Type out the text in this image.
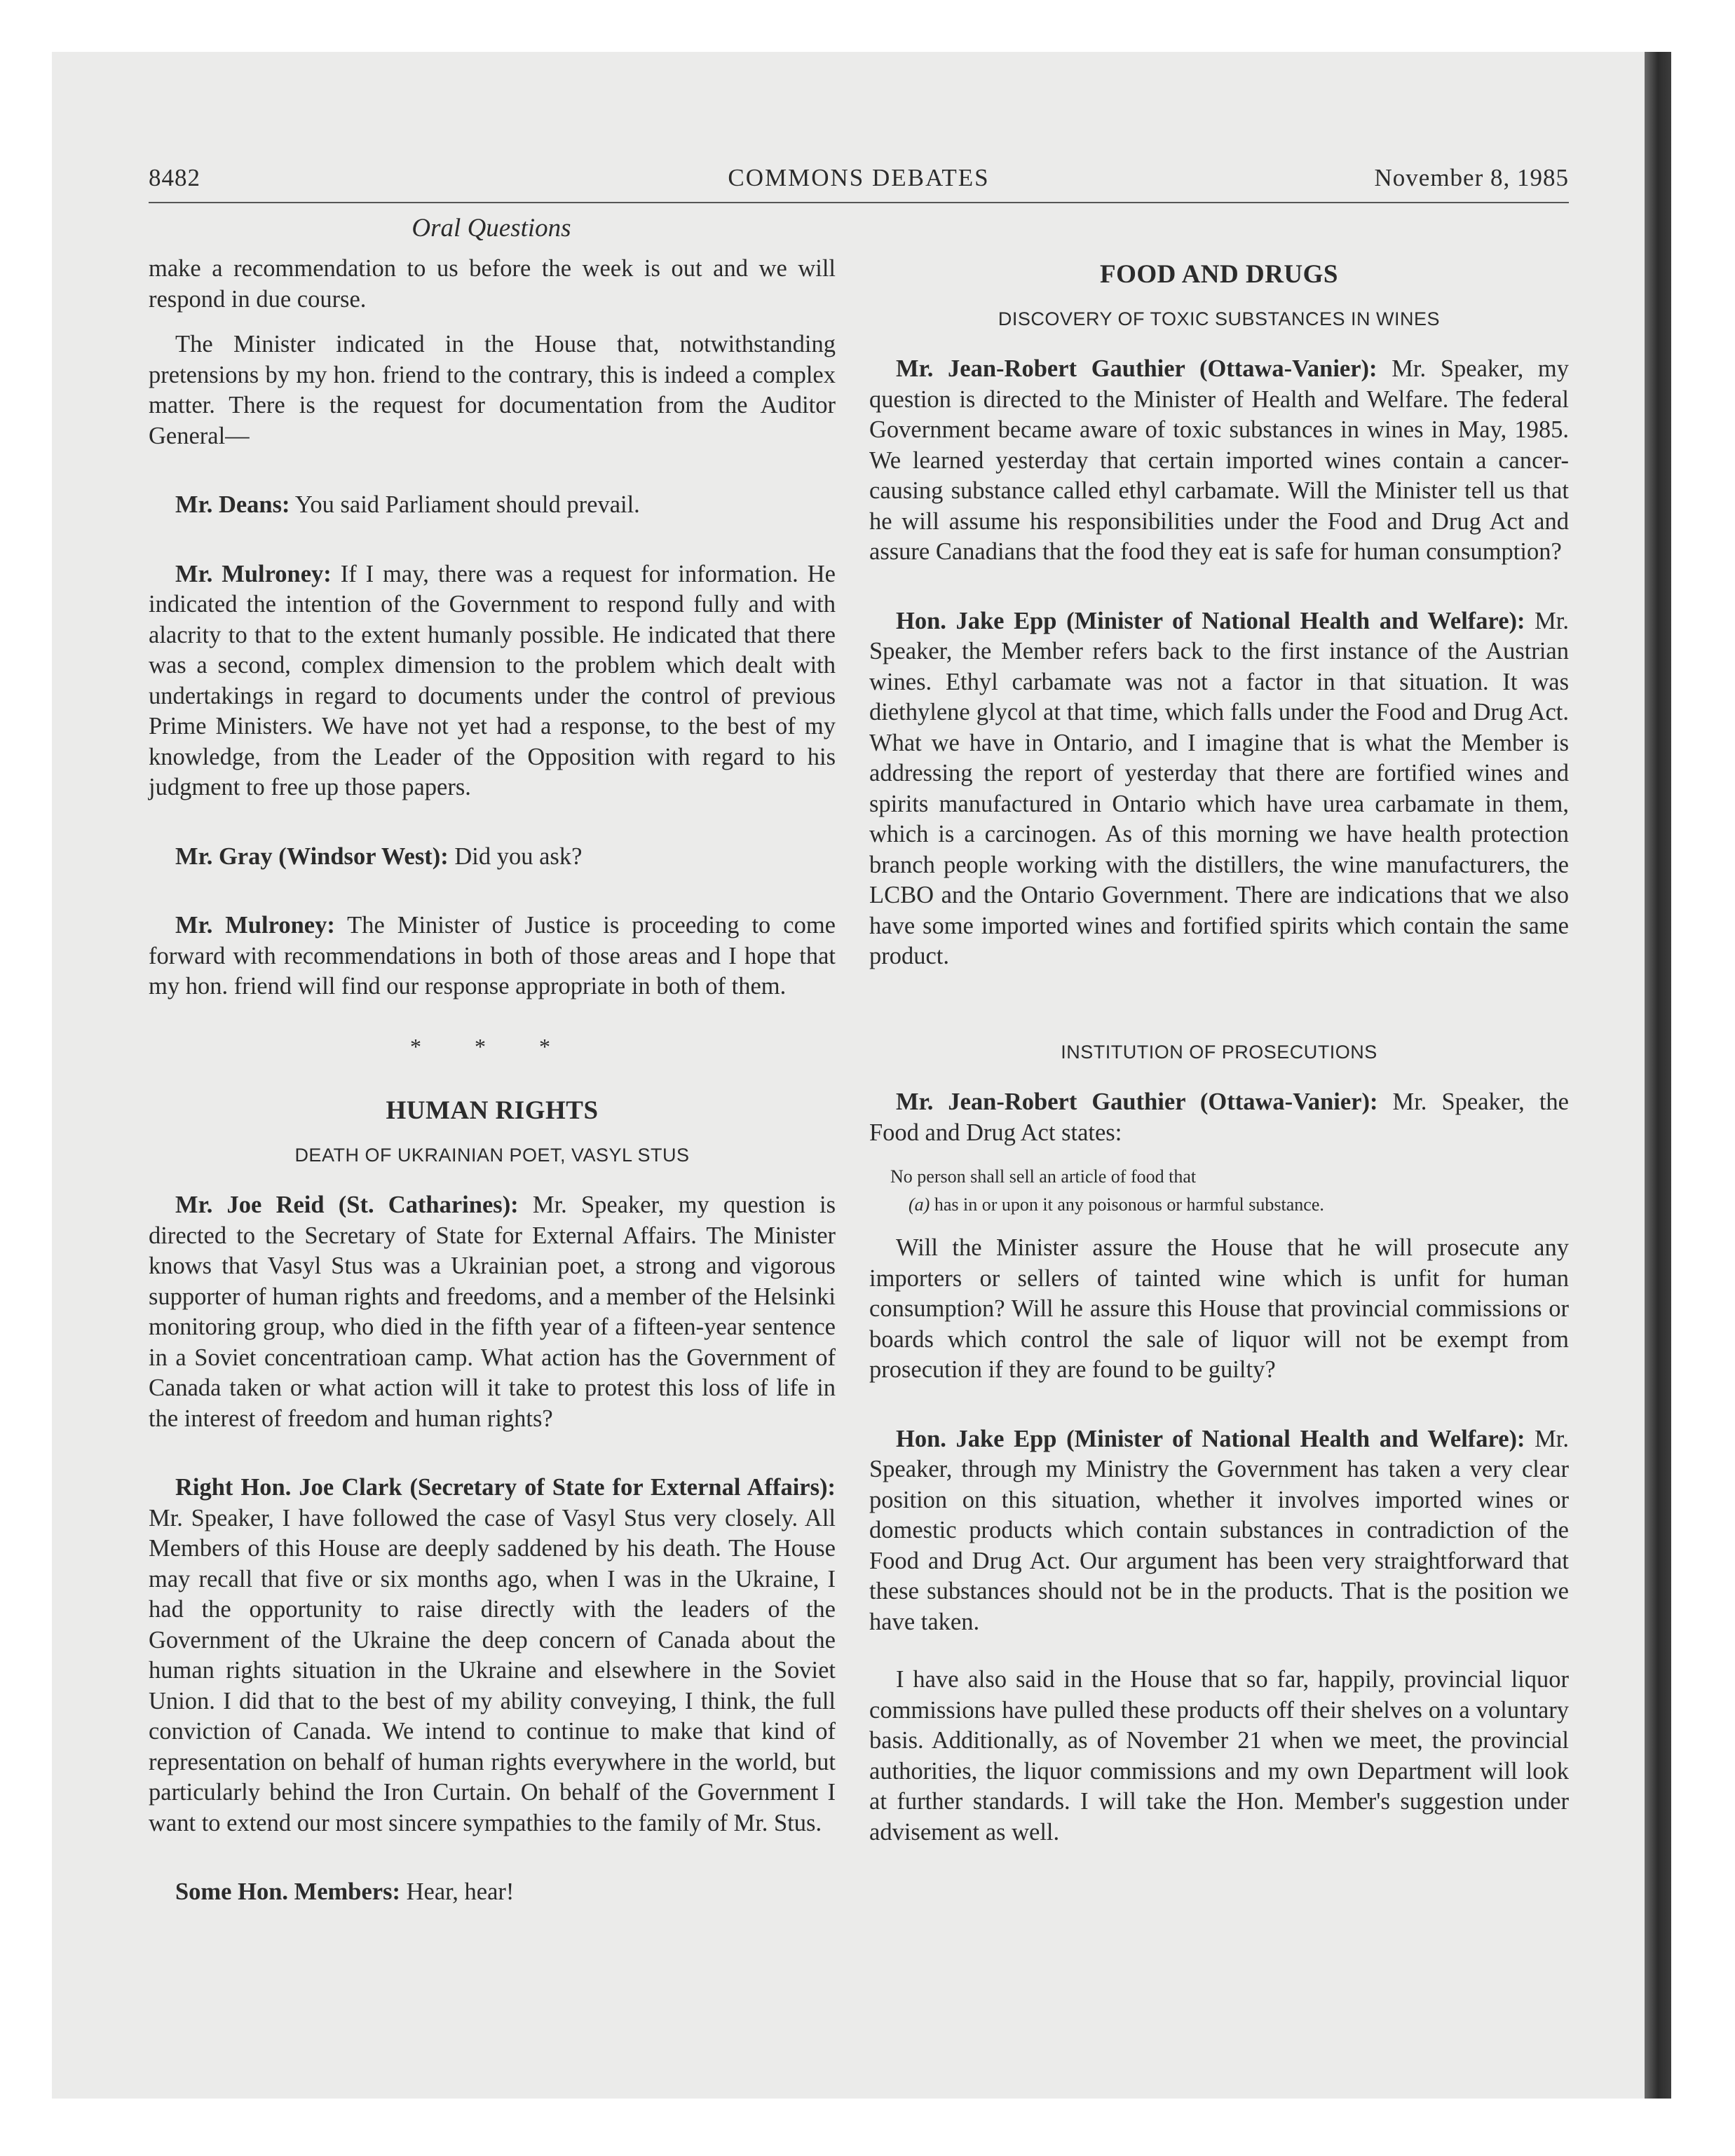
8482	COMMONS DEBATES	November 8, 1985
Oral Questions

make a recommendation to us before the week is out and we will respond in due course.

The Minister indicated in the House that, notwithstanding pretensions by my hon. friend to the contrary, this is indeed a complex matter. There is the request for documentation from the Auditor General—

Mr. Deans: You said Parliament should prevail.

Mr. Mulroney: If I may, there was a request for information. He indicated the intention of the Government to respond fully and with alacrity to that to the extent humanly possible. He indicated that there was a second, complex dimension to the problem which dealt with undertakings in regard to documents under the control of previous Prime Ministers. We have not yet had a response, to the best of my knowledge, from the Leader of the Opposition with regard to his judgment to free up those papers.

Mr. Gray (Windsor West): Did you ask?

Mr. Mulroney: The Minister of Justice is proceeding to come forward with recommendations in both of those areas and I hope that my hon. friend will find our response appropriate in both of them.

* * *
HUMAN RIGHTS
DEATH OF UKRAINIAN POET, VASYL STUS

Mr. Joe Reid (St. Catharines): Mr. Speaker, my question is directed to the Secretary of State for External Affairs. The Minister knows that Vasyl Stus was a Ukrainian poet, a strong and vigorous supporter of human rights and freedoms, and a member of the Helsinki monitoring group, who died in the fifth year of a fifteen-year sentence in a Soviet concentratioan camp. What action has the Government of Canada taken or what action will it take to protest this loss of life in the interest of freedom and human rights?

Right Hon. Joe Clark (Secretary of State for External Affairs): Mr. Speaker, I have followed the case of Vasyl Stus very closely. All Members of this House are deeply saddened by his death. The House may recall that five or six months ago, when I was in the Ukraine, I had the opportunity to raise directly with the leaders of the Government of the Ukraine the deep concern of Canada about the human rights situation in the Ukraine and elsewhere in the Soviet Union. I did that to the best of my ability conveying, I think, the full conviction of Canada. We intend to continue to make that kind of representation on behalf of human rights everywhere in the world, but particularly behind the Iron Curtain. On behalf of the Government I want to extend our most sincere sympathies to the family of Mr. Stus.

Some Hon. Members: Hear, hear!

FOOD AND DRUGS
DISCOVERY OF TOXIC SUBSTANCES IN WINES

Mr. Jean-Robert Gauthier (Ottawa-Vanier): Mr. Speaker, my question is directed to the Minister of Health and Welfare. The federal Government became aware of toxic substances in wines in May, 1985. We learned yesterday that certain imported wines contain a cancer-causing substance called ethyl carbamate. Will the Minister tell us that he will assume his responsibilities under the Food and Drug Act and assure Canadians that the food they eat is safe for human consumption?

Hon. Jake Epp (Minister of National Health and Welfare): Mr. Speaker, the Member refers back to the first instance of the Austrian wines. Ethyl carbamate was not a factor in that situation. It was diethylene glycol at that time, which falls under the Food and Drug Act. What we have in Ontario, and I imagine that is what the Member is addressing the report of yesterday that there are fortified wines and spirits manufactured in Ontario which have urea carbamate in them, which is a carcinogen. As of this morning we have health protection branch people working with the distillers, the wine manufacturers, the LCBO and the Ontario Government. There are indications that we also have some imported wines and fortified spirits which contain the same product.

INSTITUTION OF PROSECUTIONS

Mr. Jean-Robert Gauthier (Ottawa-Vanier): Mr. Speaker, the Food and Drug Act states:

No person shall sell an article of food that
(a) has in or upon it any poisonous or harmful substance.

Will the Minister assure the House that he will prosecute any importers or sellers of tainted wine which is unfit for human consumption? Will he assure this House that provincial commissions or boards which control the sale of liquor will not be exempt from prosecution if they are found to be guilty?

Hon. Jake Epp (Minister of National Health and Welfare): Mr. Speaker, through my Ministry the Government has taken a very clear position on this situation, whether it involves imported wines or domestic products which contain substances in contradiction of the Food and Drug Act. Our argument has been very straightforward that these substances should not be in the products. That is the position we have taken.

I have also said in the House that so far, happily, provincial liquor commissions have pulled these products off their shelves on a voluntary basis. Additionally, as of November 21 when we meet, the provincial authorities, the liquor commissions and my own Department will look at further standards. I will take the Hon. Member's suggestion under advisement as well.
